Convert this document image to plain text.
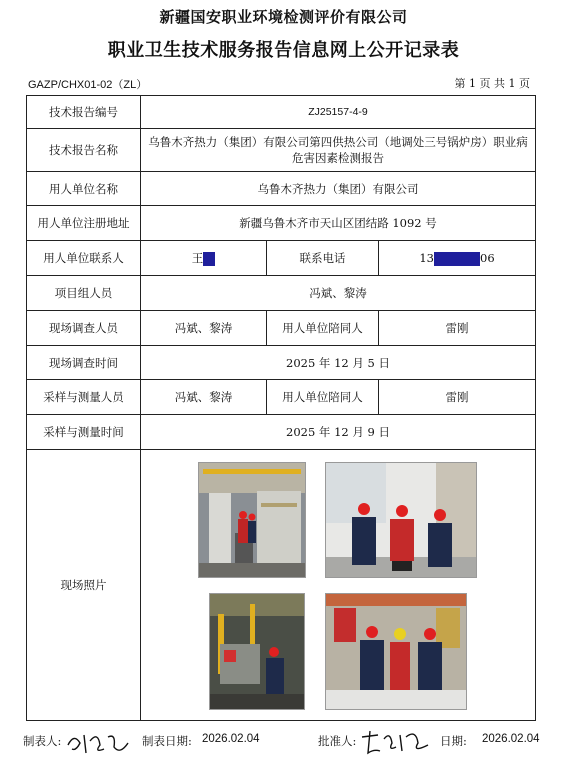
新疆国安职业环境检测评价有限公司
职业卫生技术服务报告信息网上公开记录表
GAZP/CHX01-02（ZL）	第 1 页 共 1 页
技术报告编号	ZJ25157-4-9		
技术报告名称	乌鲁木齐热力（集团）有限公司第四供热公司（地调处三号锅炉房）职业病危害因素检测报告		
用人单位名称	乌鲁木齐热力（集团）有限公司		
用人单位注册地址	新疆乌鲁木齐市天山区团结路 1092 号		
用人单位联系人	王	联系电话	13 06
项目组人员	冯斌、黎涛		
现场调查人员	冯斌、黎涛	用人单位陪同人	雷刚
现场调查时间	2025 年 12 月 5 日		
采样与测量人员	冯斌、黎涛	用人单位陪同人	雷刚
采样与测量时间	2025 年 12 月 9 日		
现场照片	
制表人:	制表日期: 2026.02.04	批准人:	日期: 2026.02.04
